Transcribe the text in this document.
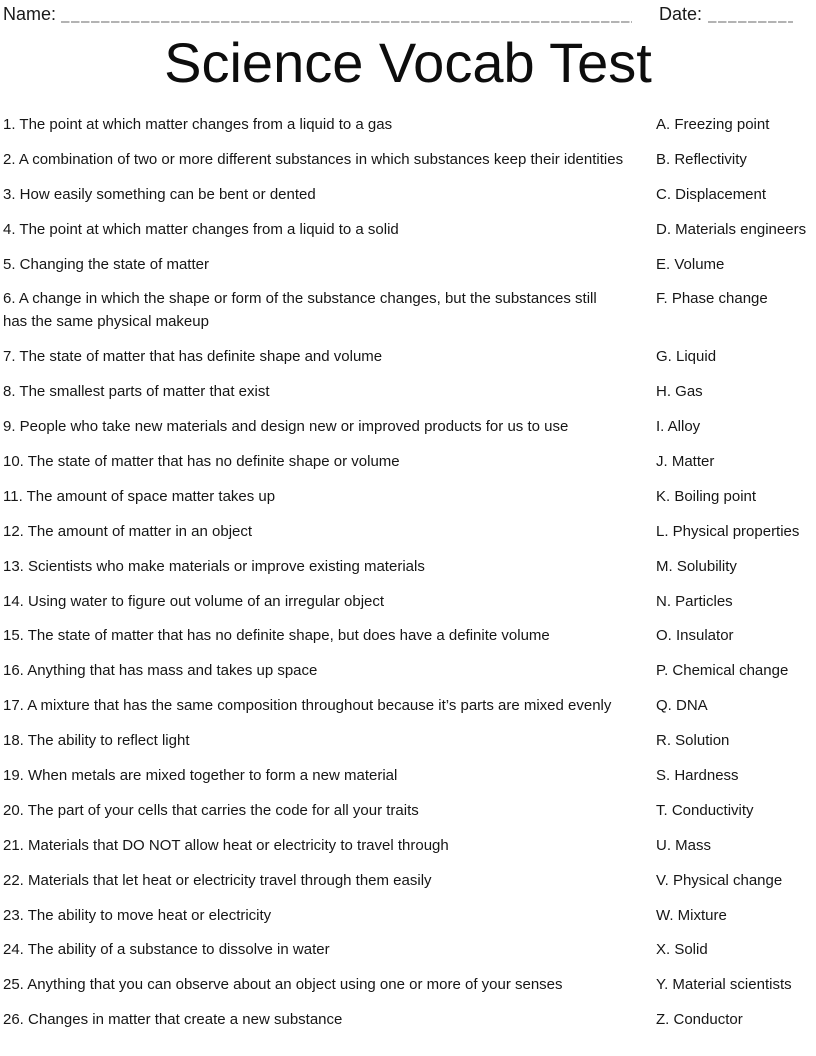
Name:	Date:
Science Vocab Test
1. The point at which matter changes from a liquid to a gas	A. Freezing point
2. A combination of two or more different substances in which substances keep their identities B. Reflectivity
3. How easily something can be bent or dented	C. Displacement
4. The point at which matter changes from a liquid to a solid	D. Materials engineers
5. Changing the state of matter	E. Volume
6. A change in which the shape or form of the substance changes, but the substances still has the same physical makeup
F. Phase change
7. The state of matter that has definite shape and volume	G. Liquid
8. The smallest parts of matter that exist	H. Gas
9. People who take new materials and design new or improved products for us to use	I. Alloy
10. The state of matter that has no definite shape or volume	J. Matter
11. The amount of space matter takes up	K. Boiling point
12. The amount of matter in an object	L. Physical properties
13. Scientists who make materials or improve existing materials	M. Solubility
14. Using water to figure out volume of an irregular object	N. Particles
15. The state of matter that has no definite shape, but does have a definite volume	O. Insulator
16. Anything that has mass and takes up space	P. Chemical change
17. A mixture that has the same composition throughout because it’s parts are mixed evenly	Q. DNA
18. The ability to reflect light	R. Solution
19. When metals are mixed together to form a new material	S. Hardness
20. The part of your cells that carries the code for all your traits	T. Conductivity
21. Materials that DO NOT allow heat or electricity to travel through	U. Mass
22. Materials that let heat or electricity travel through them easily	V. Physical change
23. The ability to move heat or electricity	W. Mixture
24. The ability of a substance to dissolve in water	X. Solid
25. Anything that you can observe about an object using one or more of your senses	Y. Material scientists
26. Changes in matter that create a new substance	Z. Conductor
